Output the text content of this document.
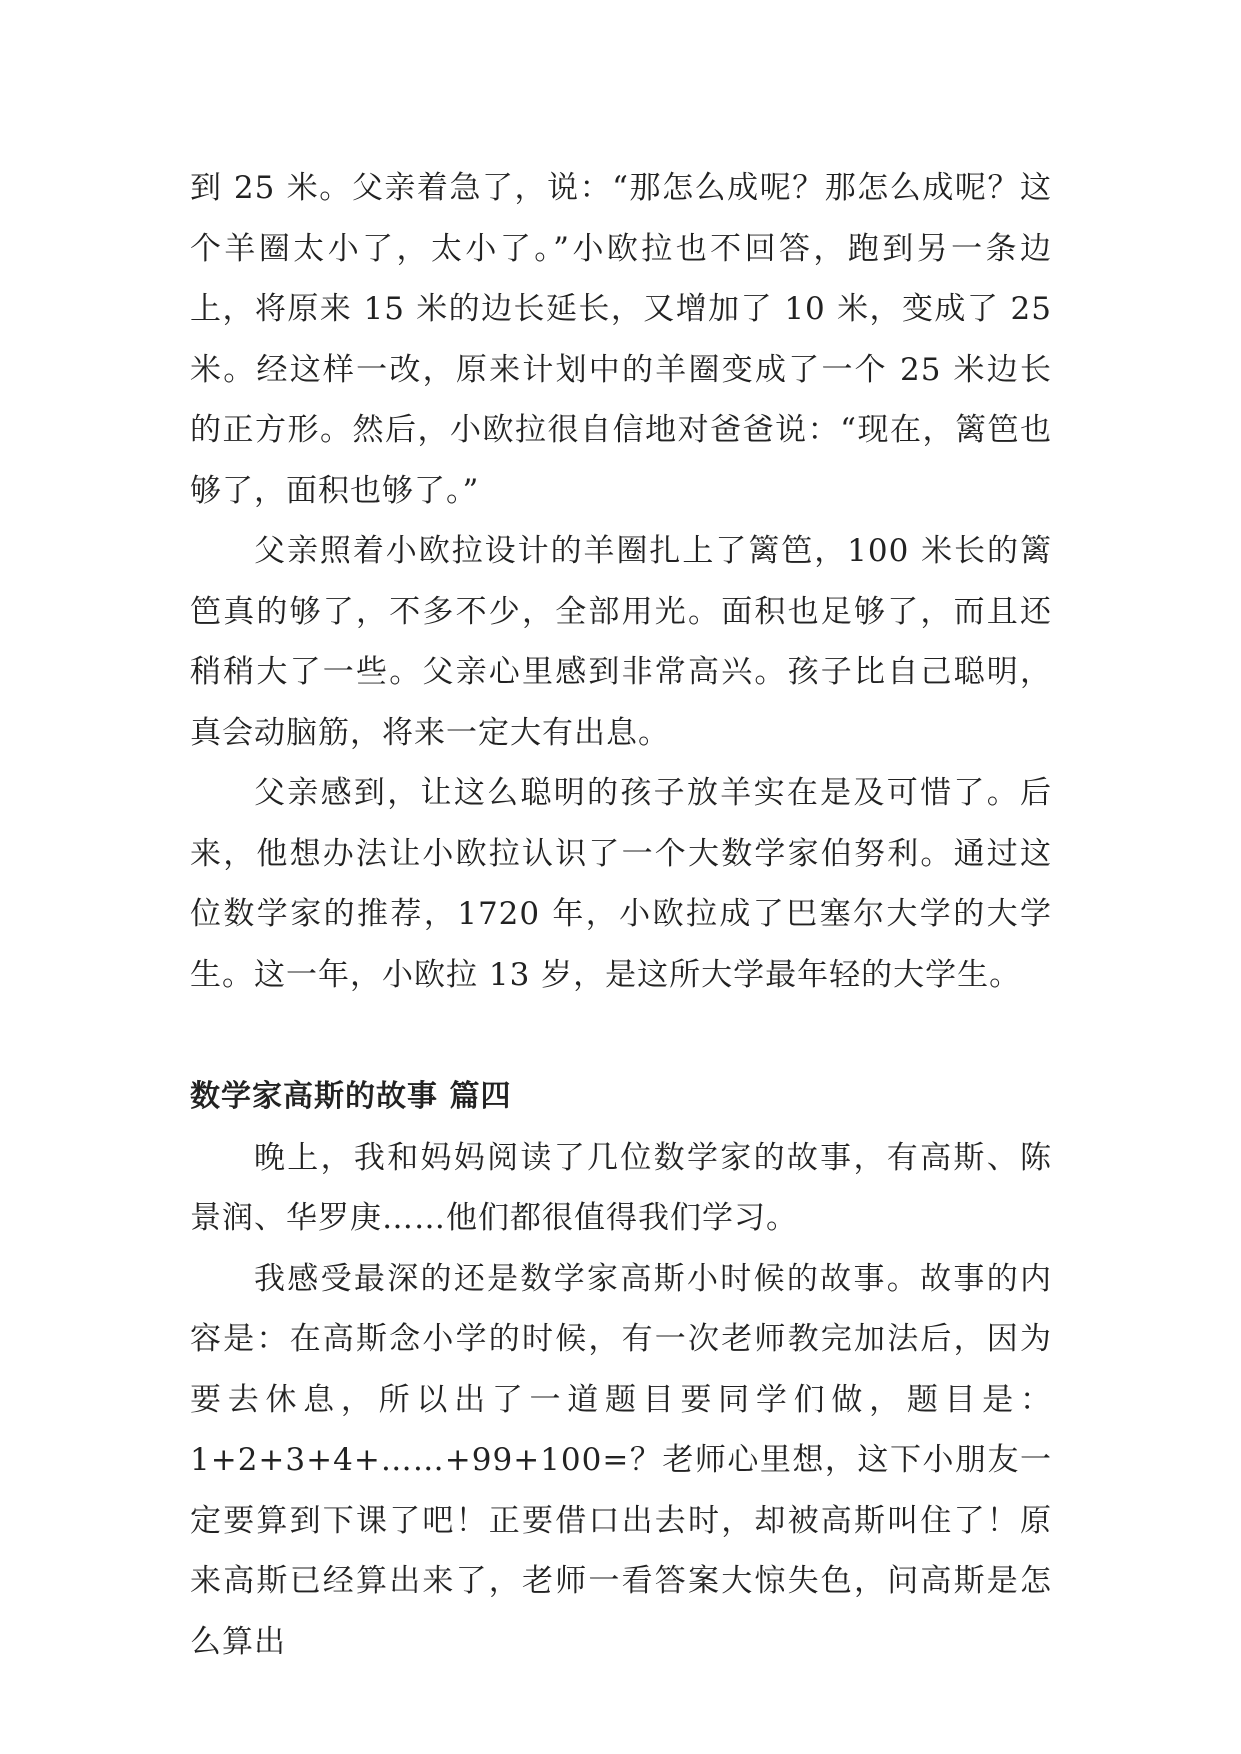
到 25 米。父亲着急了，说：“那怎么成呢？那怎么成呢？这个羊圈太小了，太小了。”小欧拉也不回答，跑到另一条边上，将原来 15 米的边长延长，又增加了 10 米，变成了 25 米。经这样一改，原来计划中的羊圈变成了一个 25 米边长的正方形。然后，小欧拉很自信地对爸爸说：“现在，篱笆也够了，面积也够了。”

父亲照着小欧拉设计的羊圈扎上了篱笆，100 米长的篱笆真的够了，不多不少，全部用光。面积也足够了，而且还稍稍大了一些。父亲心里感到非常高兴。孩子比自己聪明，真会动脑筋，将来一定大有出息。

父亲感到，让这么聪明的孩子放羊实在是及可惜了。后来，他想办法让小欧拉认识了一个大数学家伯努利。通过这位数学家的推荐，1720 年，小欧拉成了巴塞尔大学的大学生。这一年，小欧拉 13 岁，是这所大学最年轻的大学生。

数学家高斯的故事 篇四

晚上，我和妈妈阅读了几位数学家的故事，有高斯、陈景润、华罗庚……他们都很值得我们学习。

我感受最深的还是数学家高斯小时候的故事。故事的内容是：在高斯念小学的时候，有一次老师教完加法后，因为要去休息，所以出了一道题目要同学们做，题目是：1+2+3+4+……+99+100=？老师心里想，这下小朋友一定要算到下课了吧！正要借口出去时，却被高斯叫住了！原来高斯已经算出来了，老师一看答案大惊失色，问高斯是怎么算出
